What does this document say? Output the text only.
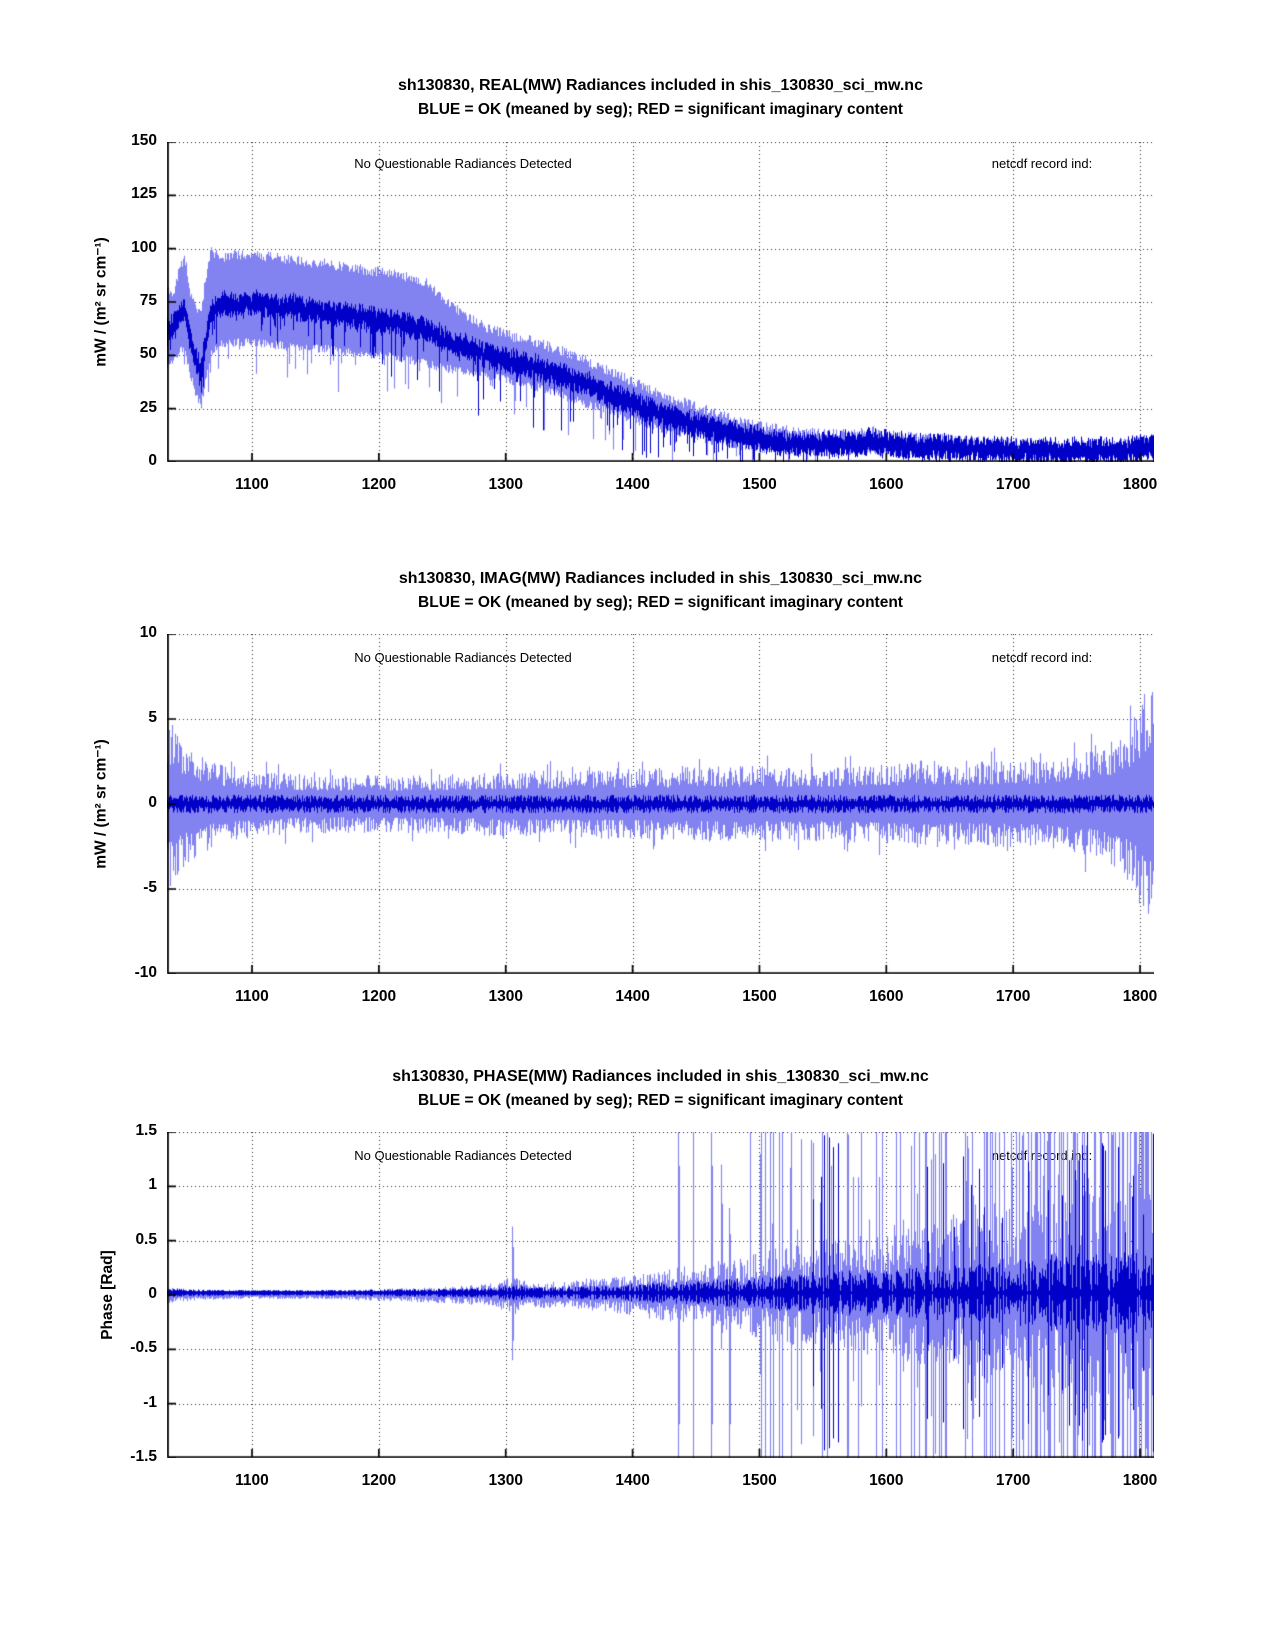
sh130830, REAL(MW) Radiances included in shis_130830_sci_mw.nc
BLUE = OK (meaned by seg); RED = significant imaginary content
mW / (m² sr cm⁻¹)
sh130830, IMAG(MW) Radiances included in shis_130830_sci_mw.nc
BLUE = OK (meaned by seg); RED = significant imaginary content
mW / (m² sr cm⁻¹)
sh130830, PHASE(MW) Radiances included in shis_130830_sci_mw.nc
BLUE = OK (meaned by seg); RED = significant imaginary content
Phase [Rad]
0
25
50
75
100
125
150
1100	1200	1300	1400	1500	1600	1700	1800
-10
-5
0
5
10
1100	1200	1300	1400	1500	1600	1700	1800
-1.5
-1
-0.5
0
0.5
1
1.5
1100	1200	1300	1400	1500	1600	1700	1800
